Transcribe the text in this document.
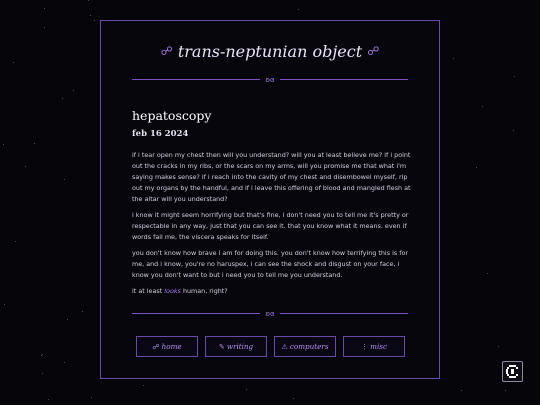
☍ trans-neptunian object ☍
ʚɞ
hepatoscopy
feb 16 2024

if i tear open my chest then will you understand? will you at least believe me? if i point out the cracks in my ribs, or the scars on my arms, will you promise me that what i'm saying makes sense? if i reach into the cavity of my chest and disembowel myself, rip out my organs by the handful, and if i leave this offering of blood and mangled flesh at the altar will you understand?

i know it might seem horrifying but that's fine, i don't need you to tell me it's pretty or respectable in any way, just that you can see it. that you know what it means. even if words fail me, the viscera speaks for itself.

you don't know how brave i am for doing this. you don't know how terrifying this is for me, and i know, you're no haruspex, i can see the shock and disgust on your face, i know you don't want to but i need you to tell me you understand.

it at least looks human, right?

ʚɞ
☍ home	✎ writing	⚠ computers	⋮ misc
